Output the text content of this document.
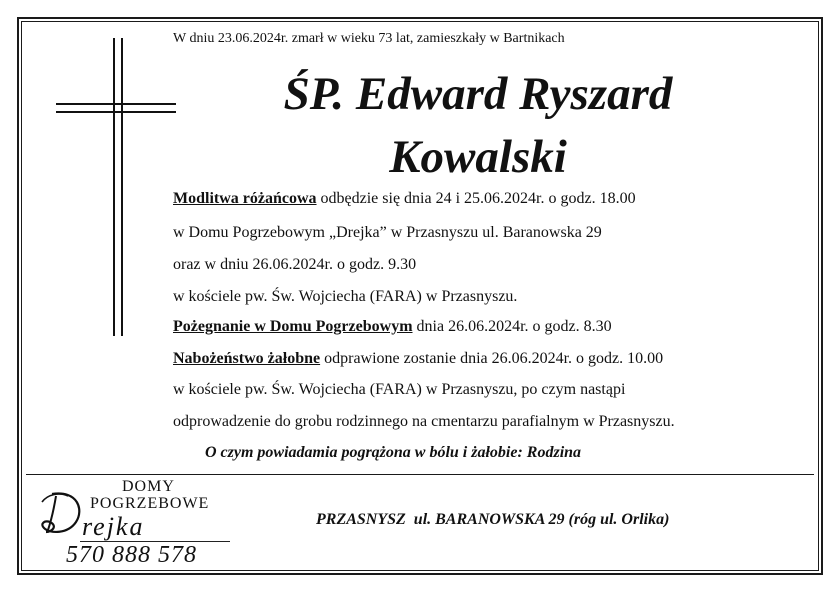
W dniu 23.06.2024r. zmarł w wieku 73 lat, zamieszkały w Bartnikach
ŚP. Edward Ryszard
Kowalski
Modlitwa różańcowa odbędzie się dnia 24 i 25.06.2024r. o godz. 18.00
w Domu Pogrzebowym „Drejka” w Przasnyszu ul. Baranowska 29
oraz w dniu 26.06.2024r. o godz. 9.30
w kościele pw. Św. Wojciecha (FARA) w Przasnyszu.
Pożegnanie w Domu Pogrzebowym dnia 26.06.2024r. o godz. 8.30
Nabożeństwo żałobne odprawione zostanie dnia 26.06.2024r. o godz. 10.00
w kościele pw. Św. Wojciecha (FARA) w Przasnyszu, po czym nastąpi
odprowadzenie do grobu rodzinnego na cmentarzu parafialnym w Przasnyszu.
O czym powiadamia pogrążona w bólu i żałobie: Rodzina
DOMY
POGRZEBOWE
rejka
570 888 578
PRZASNYSZ  ul. BARANOWSKA 29 (róg ul. Orlika)
